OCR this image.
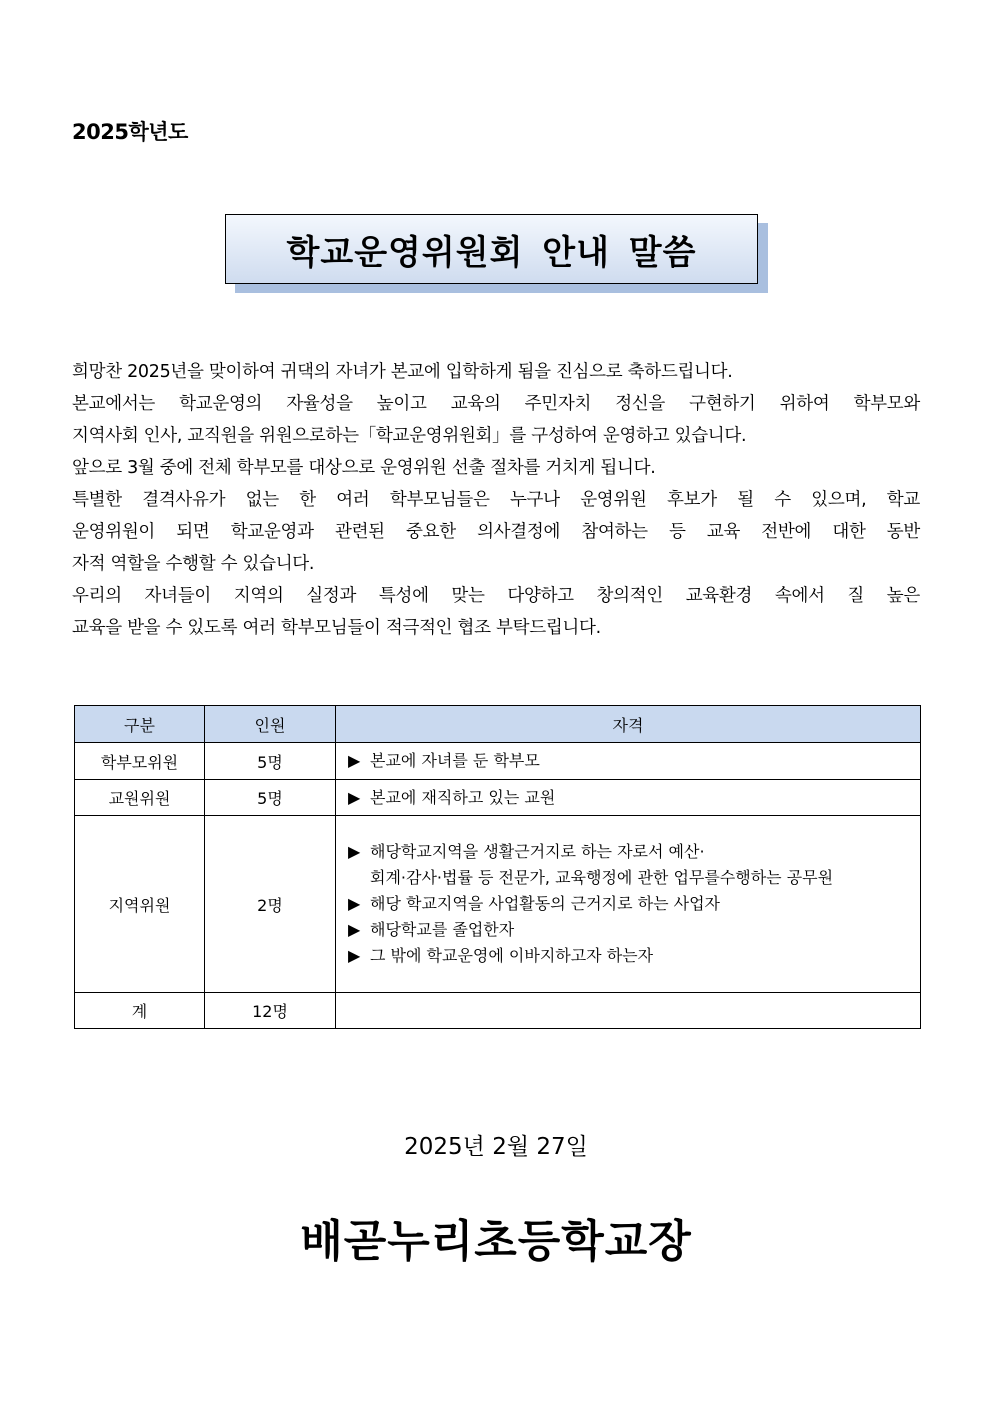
2025학년도
학교운영위원회 안내 말씀

희망찬 2025년을 맞이하여 귀댁의 자녀가 본교에 입학하게 됨을 진심으로 축하드립니다.

본교에서는 학교운영의 자율성을 높이고 교육의 주민자치 정신을 구현하기 위하여 학부모와

지역사회 인사, 교직원을 위원으로하는「학교운영위원회」를 구성하여 운영하고 있습니다.

앞으로 3월 중에 전체 학부모를 대상으로 운영위원 선출 절차를 거치게 됩니다.

특별한 결격사유가 없는 한 여러 학부모님들은 누구나 운영위원 후보가 될 수 있으며, 학교

운영위원이 되면 학교운영과 관련된 중요한 의사결정에 참여하는 등 교육 전반에 대한 동반

자적 역할을 수행할 수 있습니다.

우리의 자녀들이 지역의 실정과 특성에 맞는 다양하고 창의적인 교육환경 속에서 질 높은

교육을 받을 수 있도록 여러 학부모님들이 적극적인 협조 부탁드립니다.

구분	인원	자격
학부모위원	5명	▶ 본교에 자녀를 둔 학부모

교원위원	5명	▶ 본교에 재직하고 있는 교원

지역위원	2명	▶ 해당학교지역을 생활근거지로 하는 자로서 예산·
회계·감사·법률 등 전문가, 교육행정에 관한 업무를수행하는 공무원
▶ 해당 학교지역을 사업활동의 근거지로 하는 사업자
▶ 해당학교를 졸업한자
▶ 그 밖에 학교운영에 이바지하고자 하는자

계	12명	
2025년 2월 27일
배곧누리초등학교장
